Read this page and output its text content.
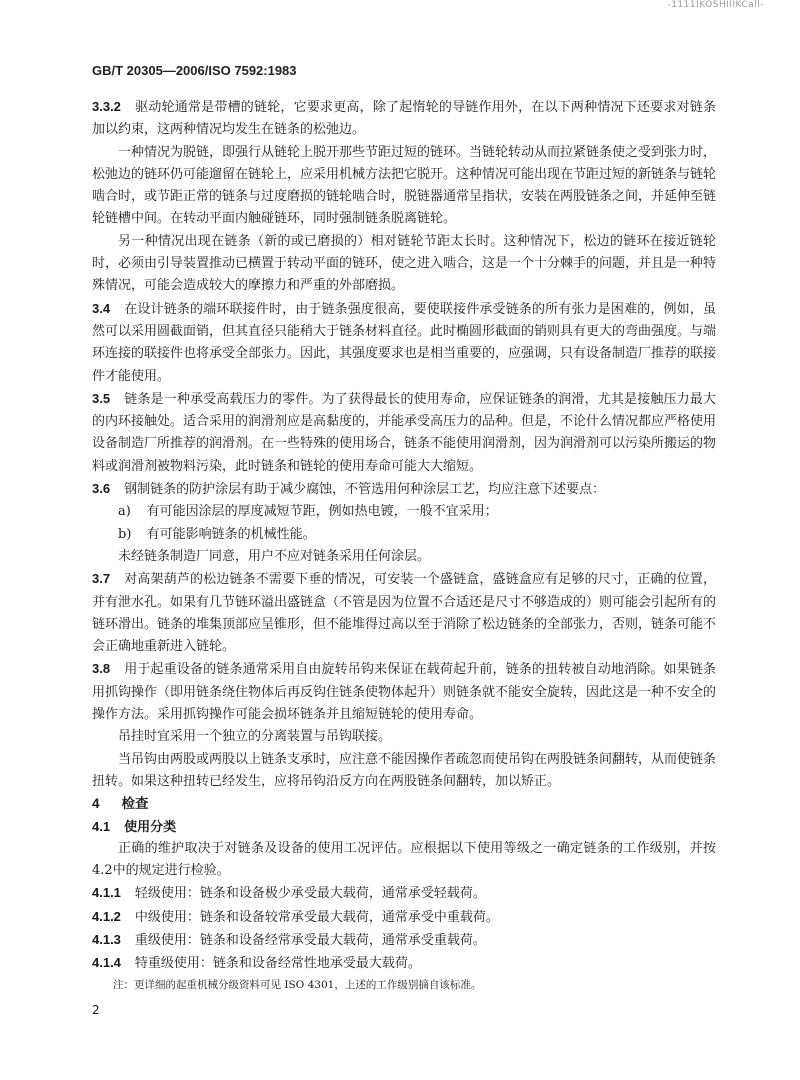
-1111IKOSHIlIKCall-
GB/T 20305—2006/ISO 7592:1983

3.3.2 驱动轮通常是带槽的链轮，它要求更高，除了起惰轮的导链作用外，在以下两种情况下还要求对链条加以约束，这两种情况均发生在链条的松弛边。

一种情况为脱链，即强行从链轮上脱开那些节距过短的链环。当链轮转动从而拉紧链条使之受到张力时，松弛边的链环仍可能遛留在链轮上，应采用机械方法把它脱开。这种情况可能出现在节距过短的新链条与链轮啮合时，或节距正常的链条与过度磨损的链轮啮合时，脱链器通常呈指状，安装在两股链条之间，并延伸至链轮链槽中间。在转动平面内触碰链环，同时强制链条脱离链轮。

另一种情况出现在链条（新的或已磨损的）相对链轮节距太长时。这种情况下，松边的链环在接近链轮时，必须由引导装置推动已横置于转动平面的链环，使之进入啮合，这是一个十分棘手的问题，并且是一种特殊情况，可能会造成较大的摩擦力和严重的外部磨损。

3.4 在设计链条的端环联接件时，由于链条强度很高，要使联接件承受链条的所有张力是困难的，例如，虽然可以采用圆截面销，但其直径只能稍大于链条材料直径。此时椭圆形截面的销则具有更大的弯曲强度。与端环连接的联接件也将承受全部张力。因此，其强度要求也是相当重要的，应强调，只有设备制造厂推荐的联接件才能使用。

3.5 链条是一种承受高载压力的零件。为了获得最长的使用寿命，应保证链条的润滑，尤其是接触压力最大的内环接触处。适合采用的润滑剂应是高黏度的，并能承受高压力的品种。但是，不论什么情况都应严格使用设备制造厂所推荐的润滑剂。在一些特殊的使用场合，链条不能使用润滑剂，因为润滑剂可以污染所搬运的物料或润滑剂被物料污染，此时链条和链轮的使用寿命可能大大缩短。

3.6 钢制链条的防护涂层有助于减少腐蚀，不管选用何种涂层工艺，均应注意下述要点：

a) 有可能因涂层的厚度减短节距，例如热电镀，一般不宜采用；

b) 有可能影响链条的机械性能。

未经链条制造厂同意，用户不应对链条采用任何涂层。

3.7 对高架葫芦的松边链条不需要下垂的情况，可安装一个盛链盒，盛链盒应有足够的尺寸，正确的位置，并有泄水孔。如果有几节链环溢出盛链盒（不管是因为位置不合适还是尺寸不够造成的）则可能会引起所有的链环滑出。链条的堆集顶部应呈锥形，但不能堆得过高以至于消除了松边链条的全部张力，否则，链条可能不会正确地重新进入链轮。

3.8 用于起重设备的链条通常采用自由旋转吊钩来保证在载荷起升前，链条的扭转被自动地消除。如果链条用抓钩操作（即用链条绕住物体后再反钩住链条使物体起升）则链条就不能安全旋转，因此这是一种不安全的操作方法。采用抓钩操作可能会损坏链条并且缩短链轮的使用寿命。

吊挂时宜采用一个独立的分离装置与吊钩联接。

当吊钩由两股或两股以上链条支承时，应注意不能因操作者疏忽而使吊钩在两股链条间翻转，从而使链条扭转。如果这种扭转已经发生，应将吊钩沿反方向在两股链条间翻转，加以矫正。

4 检查

4.1 使用分类

正确的维护取决于对链条及设备的使用工况评估。应根据以下使用等级之一确定链条的工作级别，并按4.2中的规定进行检验。

4.1.1 轻级使用：链条和设备极少承受最大载荷，通常承受轻载荷。

4.1.2 中级使用：链条和设备较常承受最大载荷，通常承受中重载荷。

4.1.3 重级使用：链条和设备经常承受最大载荷，通常承受重载荷。

4.1.4 特重级使用：链条和设备经常性地承受最大载荷。

注：更详细的起重机械分级资料可见 ISO 4301，上述的工作级别摘自该标准。

2
